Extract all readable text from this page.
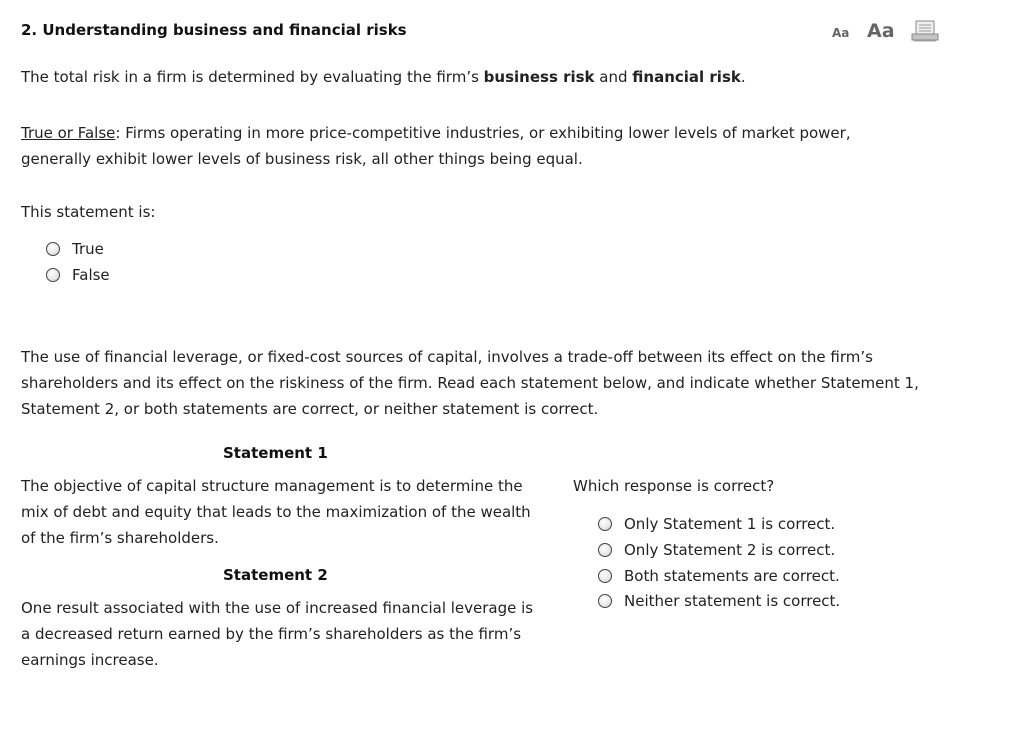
2. Understanding business and financial risks	Aa Aa

The total risk in a firm is determined by evaluating the firm’s business risk and financial risk.

True or False: Firms operating in more price-competitive industries, or exhibiting lower levels of market power, generally exhibit lower levels of business risk, all other things being equal.

This statement is:

True
False

The use of financial leverage, or fixed-cost sources of capital, involves a trade-off between its effect on the firm’s shareholders and its effect on the riskiness of the firm. Read each statement below, and indicate whether Statement 1, Statement 2, or both statements are correct, or neither statement is correct.

Statement 1

The objective of capital structure management is to determine the mix of debt and equity that leads to the maximization of the wealth of the firm’s shareholders.

Statement 2

One result associated with the use of increased financial leverage is a decreased return earned by the firm’s shareholders as the firm’s earnings increase.

Which response is correct?

Only Statement 1 is correct.
Only Statement 2 is correct.
Both statements are correct.
Neither statement is correct.
